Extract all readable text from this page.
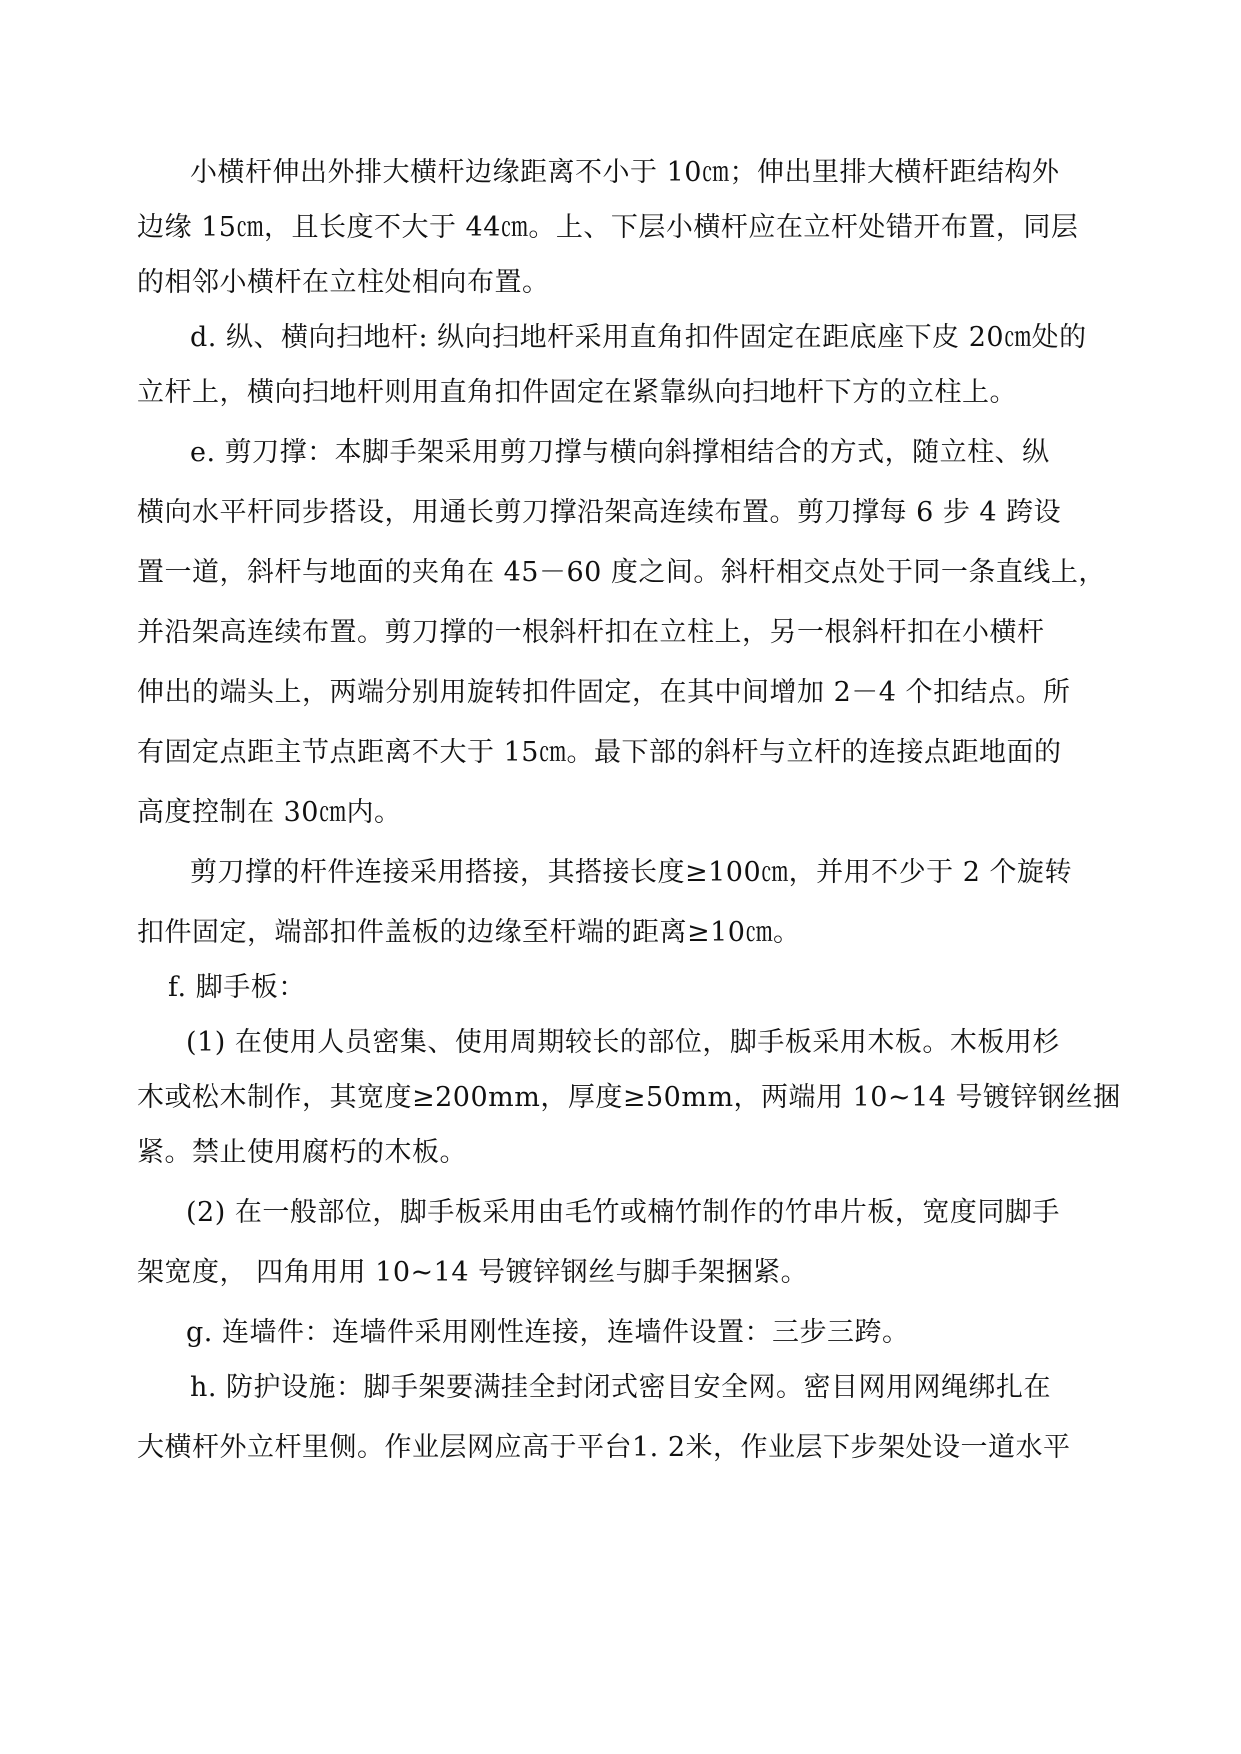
小横杆伸出外排大横杆边缘距离不小于 10㎝；伸出里排大横杆距结构外
边缘 15㎝，且长度不大于 44㎝。上、下层小横杆应在立杆处错开布置，同层
的相邻小横杆在立柱处相向布置。
d. 纵、横向扫地杆: 纵向扫地杆采用直角扣件固定在距底座下皮 20㎝处的
立杆上，横向扫地杆则用直角扣件固定在紧靠纵向扫地杆下方的立柱上。
e. 剪刀撑：本脚手架采用剪刀撑与横向斜撑相结合的方式，随立柱、纵
横向水平杆同步搭设，用通长剪刀撑沿架高连续布置。剪刀撑每 6 步 4 跨设
置一道，斜杆与地面的夹角在 45－60 度之间。斜杆相交点处于同一条直线上，
并沿架高连续布置。剪刀撑的一根斜杆扣在立柱上，另一根斜杆扣在小横杆
伸出的端头上，两端分别用旋转扣件固定，在其中间增加 2－4 个扣结点。所
有固定点距主节点距离不大于 15㎝。最下部的斜杆与立杆的连接点距地面的
高度控制在 30㎝内。
剪刀撑的杆件连接采用搭接，其搭接长度≥100㎝，并用不少于 2 个旋转
扣件固定，端部扣件盖板的边缘至杆端的距离≥10㎝。
f. 脚手板：
(1) 在使用人员密集、使用周期较长的部位，脚手板采用木板。木板用杉
木或松木制作，其宽度≥200mm，厚度≥50mm，两端用 10~14 号镀锌钢丝捆
紧。禁止使用腐朽的木板。
(2) 在一般部位，脚手板采用由毛竹或楠竹制作的竹串片板，宽度同脚手
架宽度， 四角用用 10~14 号镀锌钢丝与脚手架捆紧。
g. 连墙件：连墙件采用刚性连接，连墙件设置：三步三跨。
h. 防护设施：脚手架要满挂全封闭式密目安全网。密目网用网绳绑扎在
大横杆外立杆里侧。作业层网应高于平台1. 2米，作业层下步架处设一道水平
